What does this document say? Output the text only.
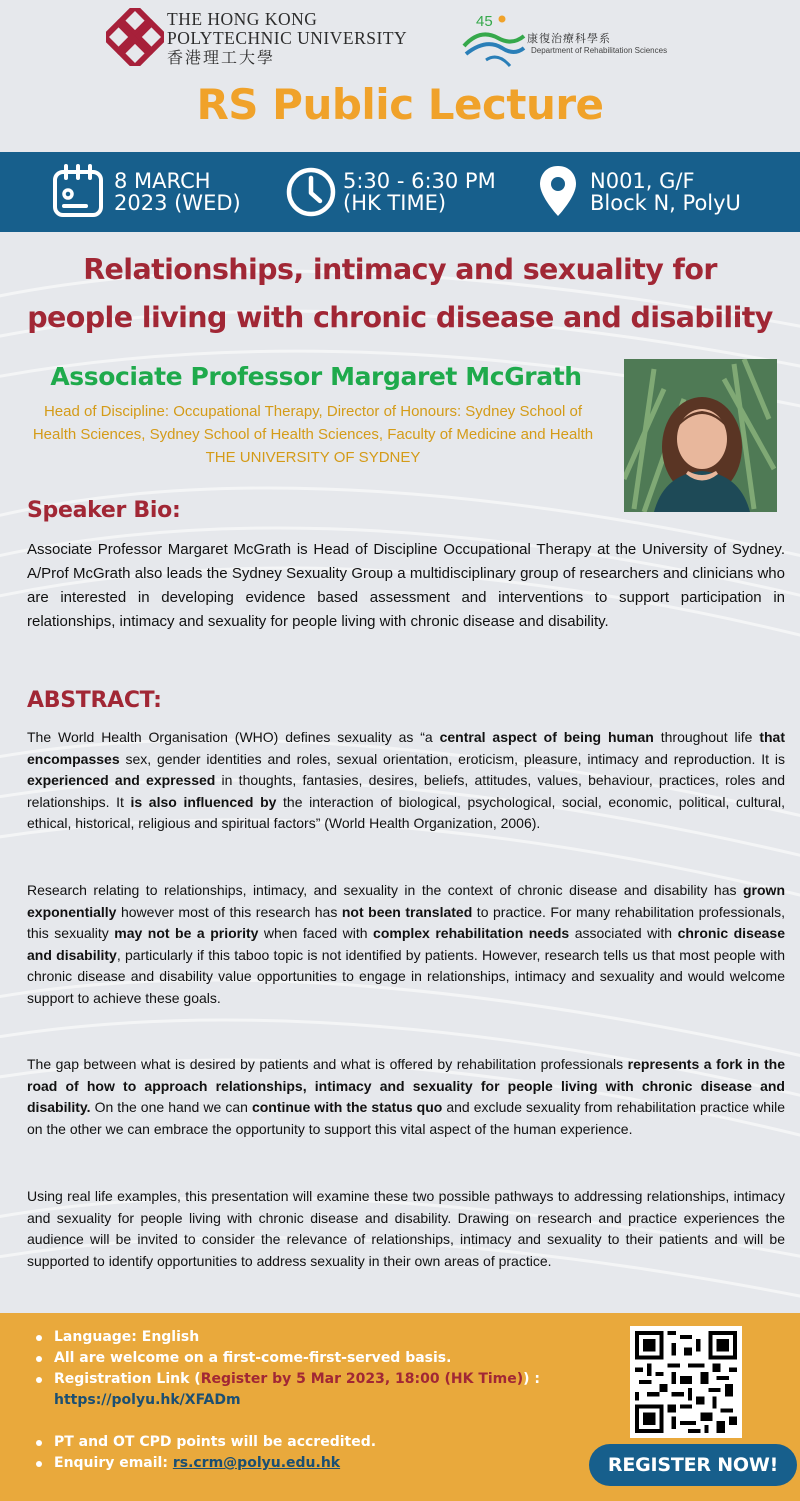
THE HONG KONG
POLYTECHNIC UNIVERSITY
香港理工大學
45
康復治療科學系
Department of Rehabilitation Sciences
RS Public Lecture
8 MARCH
2023 (WED)
5:30 - 6:30 PM
(HK TIME)
N001, G/F
Block N, PolyU
Relationships, intimacy and sexuality for
people living with chronic disease and disability
Associate Professor Margaret McGrath
Head of Discipline: Occupational Therapy, Director of Honours: Sydney School of
Health Sciences, Sydney School of Health Sciences, Faculty of Medicine and Health
THE UNIVERSITY OF SYDNEY
Speaker Bio:
Associate Professor Margaret McGrath is Head of Discipline Occupational Therapy at the University of Sydney. A/Prof McGrath also leads the Sydney Sexuality Group a multidisciplinary group of researchers and clinicians who are interested in developing evidence based assessment and interventions to support participation in relationships, intimacy and sexuality for people living with chronic disease and disability.
ABSTRACT:
The World Health Organisation (WHO) defines sexuality as “a central aspect of being human throughout life that encompasses sex, gender identities and roles, sexual orientation, eroticism, pleasure, intimacy and reproduction. It is experienced and expressed in thoughts, fantasies, desires, beliefs, attitudes, values, behaviour, practices, roles and relationships. It is also influenced by the interaction of biological, psychological, social, economic, political, cultural, ethical, historical, religious and spiritual factors” (World Health Organization, 2006).
Research relating to relationships, intimacy, and sexuality in the context of chronic disease and disability has grown exponentially however most of this research has not been translated to practice. For many rehabilitation professionals, this sexuality may not be a priority when faced with complex rehabilitation needs associated with chronic disease and disability, particularly if this taboo topic is not identified by patients. However, research tells us that most people with chronic disease and disability value opportunities to engage in relationships, intimacy and sexuality and would welcome support to achieve these goals.
The gap between what is desired by patients and what is offered by rehabilitation professionals represents a fork in the road of how to approach relationships, intimacy and sexuality for people living with chronic disease and disability. On the one hand we can continue with the status quo and exclude sexuality from rehabilitation practice while on the other we can embrace the opportunity to support this vital aspect of the human experience.
Using real life examples, this presentation will examine these two possible pathways to addressing relationships, intimacy and sexuality for people living with chronic disease and disability. Drawing on research and practice experiences the audience will be invited to consider the relevance of relationships, intimacy and sexuality to their patients and will be supported to identify opportunities to address sexuality in their own areas of practice.
Language: English
All are welcome on a first-come-first-served basis.
Registration Link (Register by 5 Mar 2023, 18:00 (HK Time)) :
https://polyu.hk/XFADm
PT and OT CPD points will be accredited.
Enquiry email: rs.crm@polyu.edu.hk	REGISTER NOW!
